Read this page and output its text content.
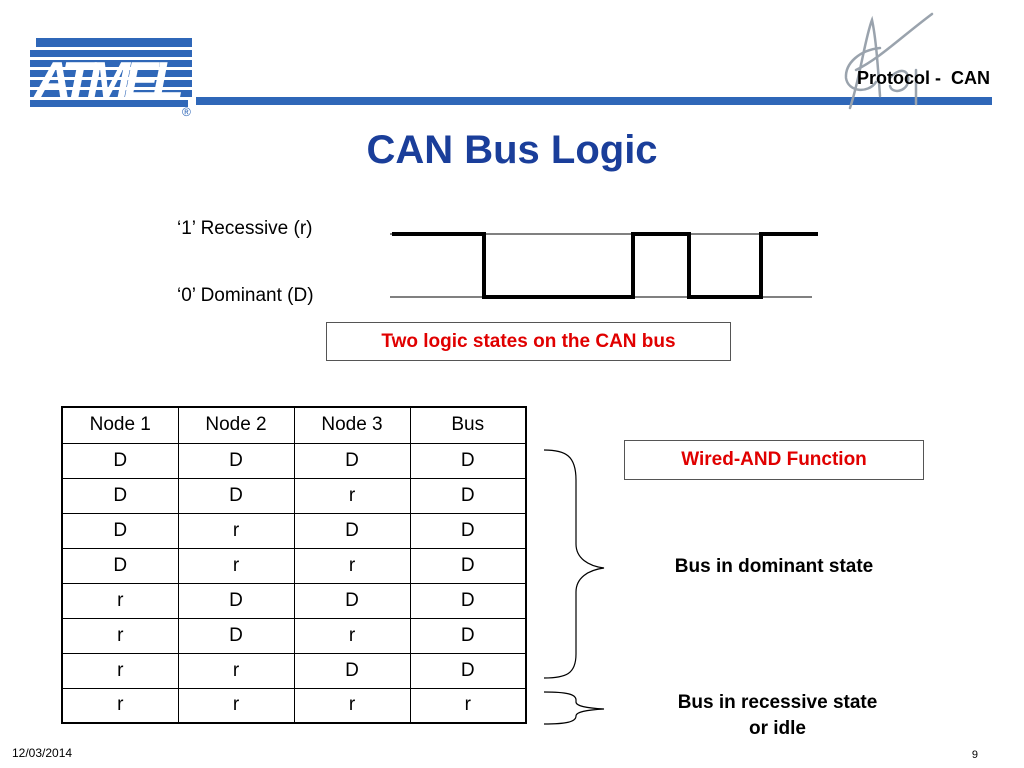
ATMEL
®
Protocol -  CAN
CAN Bus Logic
‘1’ Recessive (r)
‘0’ Dominant (D)
Two logic states on the CAN bus
Node 1	Node 2	Node 3	Bus
D	D	D	D
D	D	r	D
D	r	D	D
D	r	r	D
r	D	D	D
r	D	r	D
r	r	D	D
r	r	r	r
Wired-AND Function
Bus in dominant state
Bus in recessive state
or idle
12/03/2014	9
